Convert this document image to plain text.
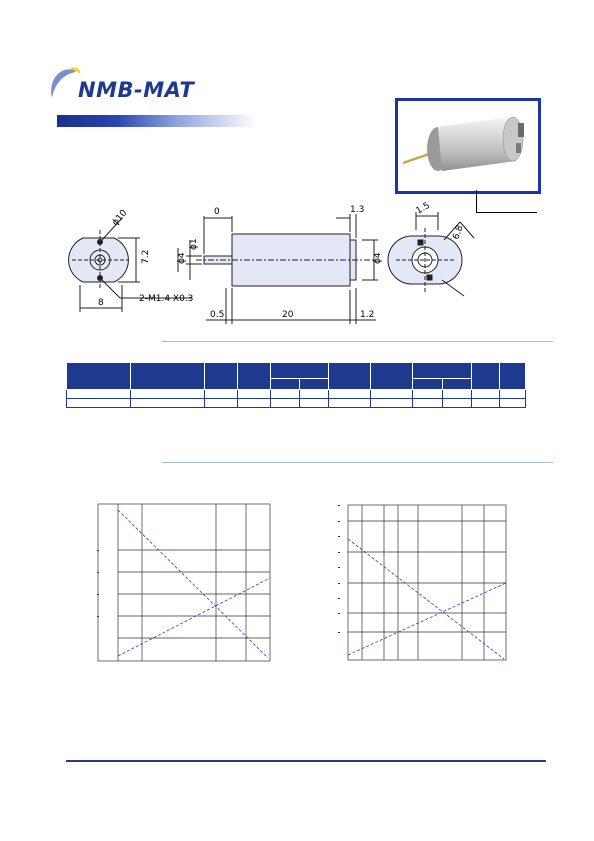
NMB-MAT
ϕ10
7.2
8	2-M1.4 X0.3
ϕ4
ϕ1
0	1.3
ϕ4
0.5	20	1.2
1.5
6.8
